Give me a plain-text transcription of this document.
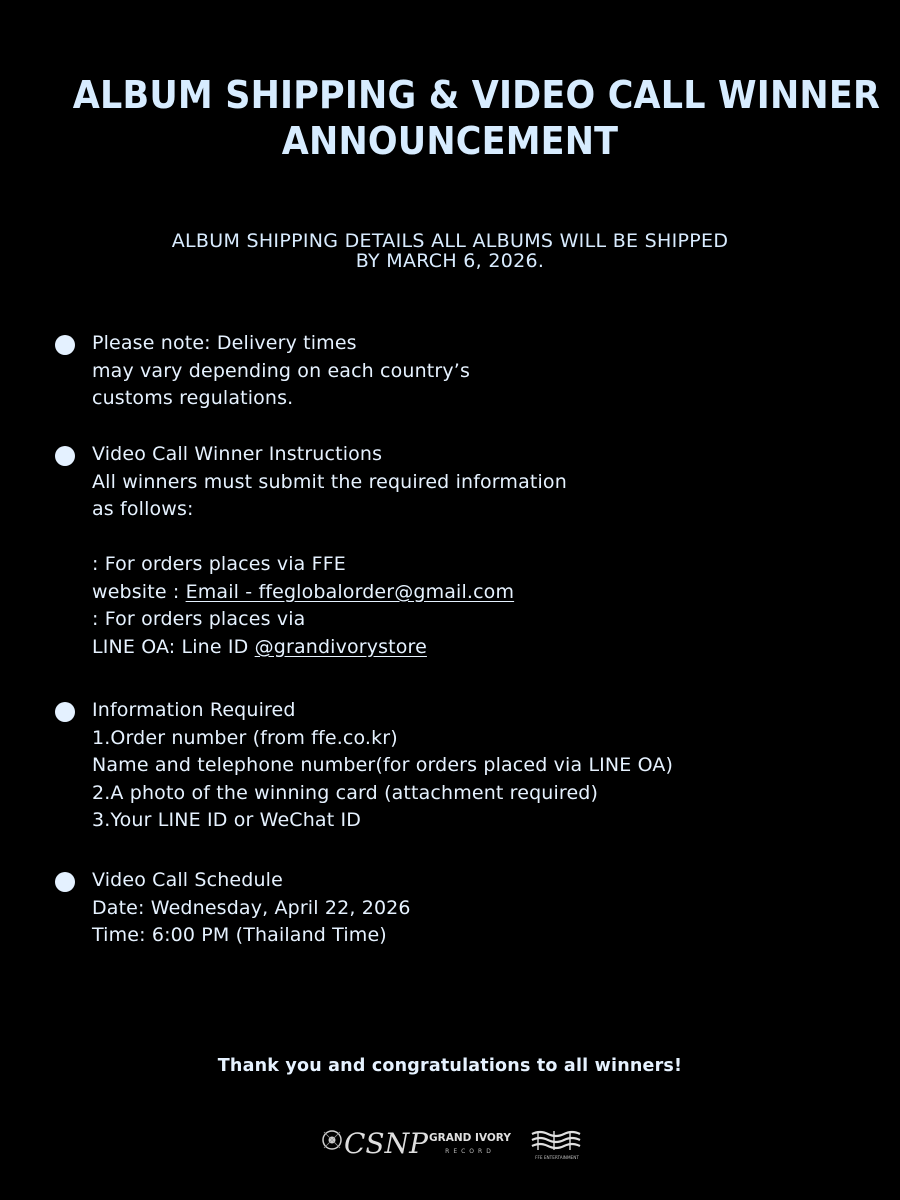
ALBUM SHIPPING & VIDEO CALL WINNER
ANNOUNCEMENT
ALBUM SHIPPING DETAILS ALL ALBUMS WILL BE SHIPPED
BY MARCH 6, 2026.
Please note: Delivery times
may vary depending on each country’s
customs regulations.
Video Call Winner Instructions
All winners must submit the required information
as follows:
: For orders places via FFE
website : Email - ffeglobalorder@gmail.com
: For orders places via
LINE OA: Line ID @grandivorystore
Information Required
1.Order number (from ffe.co.kr)
Name and telephone number(for orders placed via LINE OA)
2.A photo of the winning card (attachment required)
3.Your LINE ID or WeChat ID
Video Call Schedule
Date: Wednesday, April 22, 2026
Time: 6:00 PM (Thailand Time)
Thank you and congratulations to all winners!
CSNP GRAND IVORY
RECORD
FFE ENTERTAINMENT
